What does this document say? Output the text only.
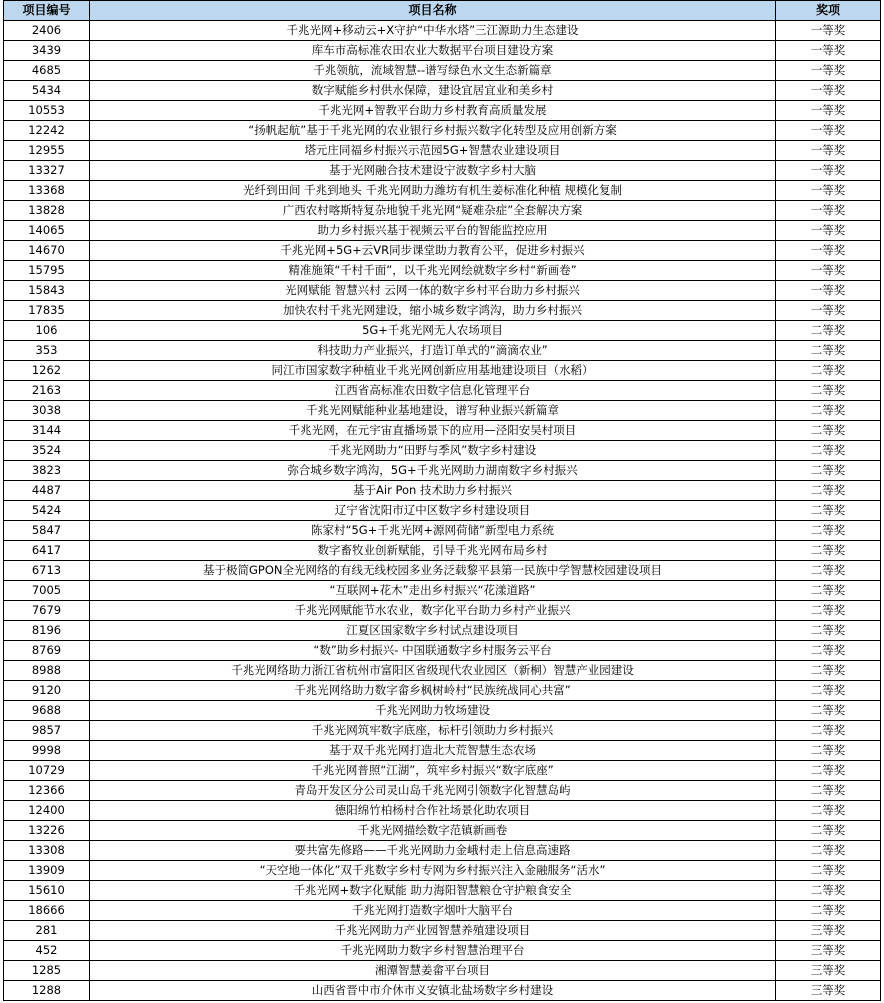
项目编号	项目名称	奖项
2406	千兆光网+移动云+X守护“中华水塔”三江源助力生态建设	一等奖
3439	库车市高标准农田农业大数据平台项目建设方案	一等奖
4685	千兆领航，流域智慧--谱写绿色水文生态新篇章	一等奖
5434	数字赋能乡村供水保障，建设宜居宜业和美乡村	一等奖
10553	千兆光网+智教平台助力乡村教育高质量发展	一等奖
12242	“扬帆起航”基于千兆光网的农业银行乡村振兴数字化转型及应用创新方案	一等奖
12955	塔元庄同福乡村振兴示范园5G+智慧农业建设项目	一等奖
13327	基于光网融合技术建设宁波数字乡村大脑	一等奖
13368	光纤到田间 千兆到地头 千兆光网助力潍坊有机生姜标准化种植 规模化复制	一等奖
13828	广西农村喀斯特复杂地貌千兆光网“疑难杂症”全套解决方案	一等奖
14065	助力乡村振兴基于视频云平台的智能监控应用	一等奖
14670	千兆光网+5G+云VR同步课堂助力教育公平，促进乡村振兴	一等奖
15795	精准施策“千村千面”，以千兆光网绘就数字乡村“新画卷”	一等奖
15843	光网赋能 智慧兴村 云网一体的数字乡村平台助力乡村振兴	一等奖
17835	加快农村千兆光网建设，缩小城乡数字鸿沟，助力乡村振兴	一等奖
106	5G+千兆光网无人农场项目	二等奖
353	科技助力产业振兴，打造订单式的“滴滴农业”	二等奖
1262	同江市国家数字种植业千兆光网创新应用基地建设项目（水稻）	二等奖
2163	江西省高标准农田数字信息化管理平台	二等奖
3038	千兆光网赋能种业基地建设，谱写种业振兴新篇章	二等奖
3144	千兆光网，在元宇宙直播场景下的应用—泾阳安吴村项目	二等奖
3524	千兆光网助力“田野与季风”数字乡村建设	二等奖
3823	弥合城乡数字鸿沟，5G+千兆光网助力湖南数字乡村振兴	二等奖
4487	基于Air Pon 技术助力乡村振兴	二等奖
5424	辽宁省沈阳市辽中区数字乡村建设项目	二等奖
5847	陈家村“5G+千兆光网+源网荷储”新型电力系统	二等奖
6417	数字畜牧业创新赋能，引导千兆光网布局乡村	二等奖
6713	基于极简GPON全光网络的有线无线校园多业务泛载黎平县第一民族中学智慧校园建设项目	二等奖
7005	“互联网+花木”走出乡村振兴“花漾道路”	二等奖
7679	千兆光网赋能节水农业，数字化平台助力乡村产业振兴	二等奖
8196	江夏区国家数字乡村试点建设项目	二等奖
8769	“数”助乡村振兴- 中国联通数字乡村服务云平台	二等奖
8988	千兆光网络助力浙江省杭州市富阳区省级现代农业园区（新桐）智慧产业园建设	二等奖
9120	千兆光网络助力数字畲乡枫树岭村“民族统战同心共富”	二等奖
9688	千兆光网助力牧场建设	二等奖
9857	千兆光网筑牢数字底座，标杆引领助力乡村振兴	二等奖
9998	基于双千兆光网打造北大荒智慧生态农场	二等奖
10729	千兆光网普照“江湖”，筑牢乡村振兴“数字底座”	二等奖
12366	青岛开发区分公司灵山岛千兆光网引领数字化智慧岛屿	二等奖
12400	德阳绵竹柏杨村合作社场景化助农项目	二等奖
13226	千兆光网描绘数字范镇新画卷	二等奖
13308	要共富先修路——千兆光网助力金峨村走上信息高速路	二等奖
13909	“天空地一体化”双千兆数字乡村专网为乡村振兴注入金融服务“活水”	二等奖
15610	千兆光网+数字化赋能 助力海阳智慧粮仓守护粮食安全	二等奖
18666	千兆光网打造数字烟叶大脑平台	二等奖
281	千兆光网助力产业园智慧养殖建设项目	三等奖
452	千兆光网助力数字乡村智慧治理平台	三等奖
1285	湘潭智慧姜畲平台项目	三等奖
1288	山西省晋中市介休市义安镇北盐场数字乡村建设	三等奖
